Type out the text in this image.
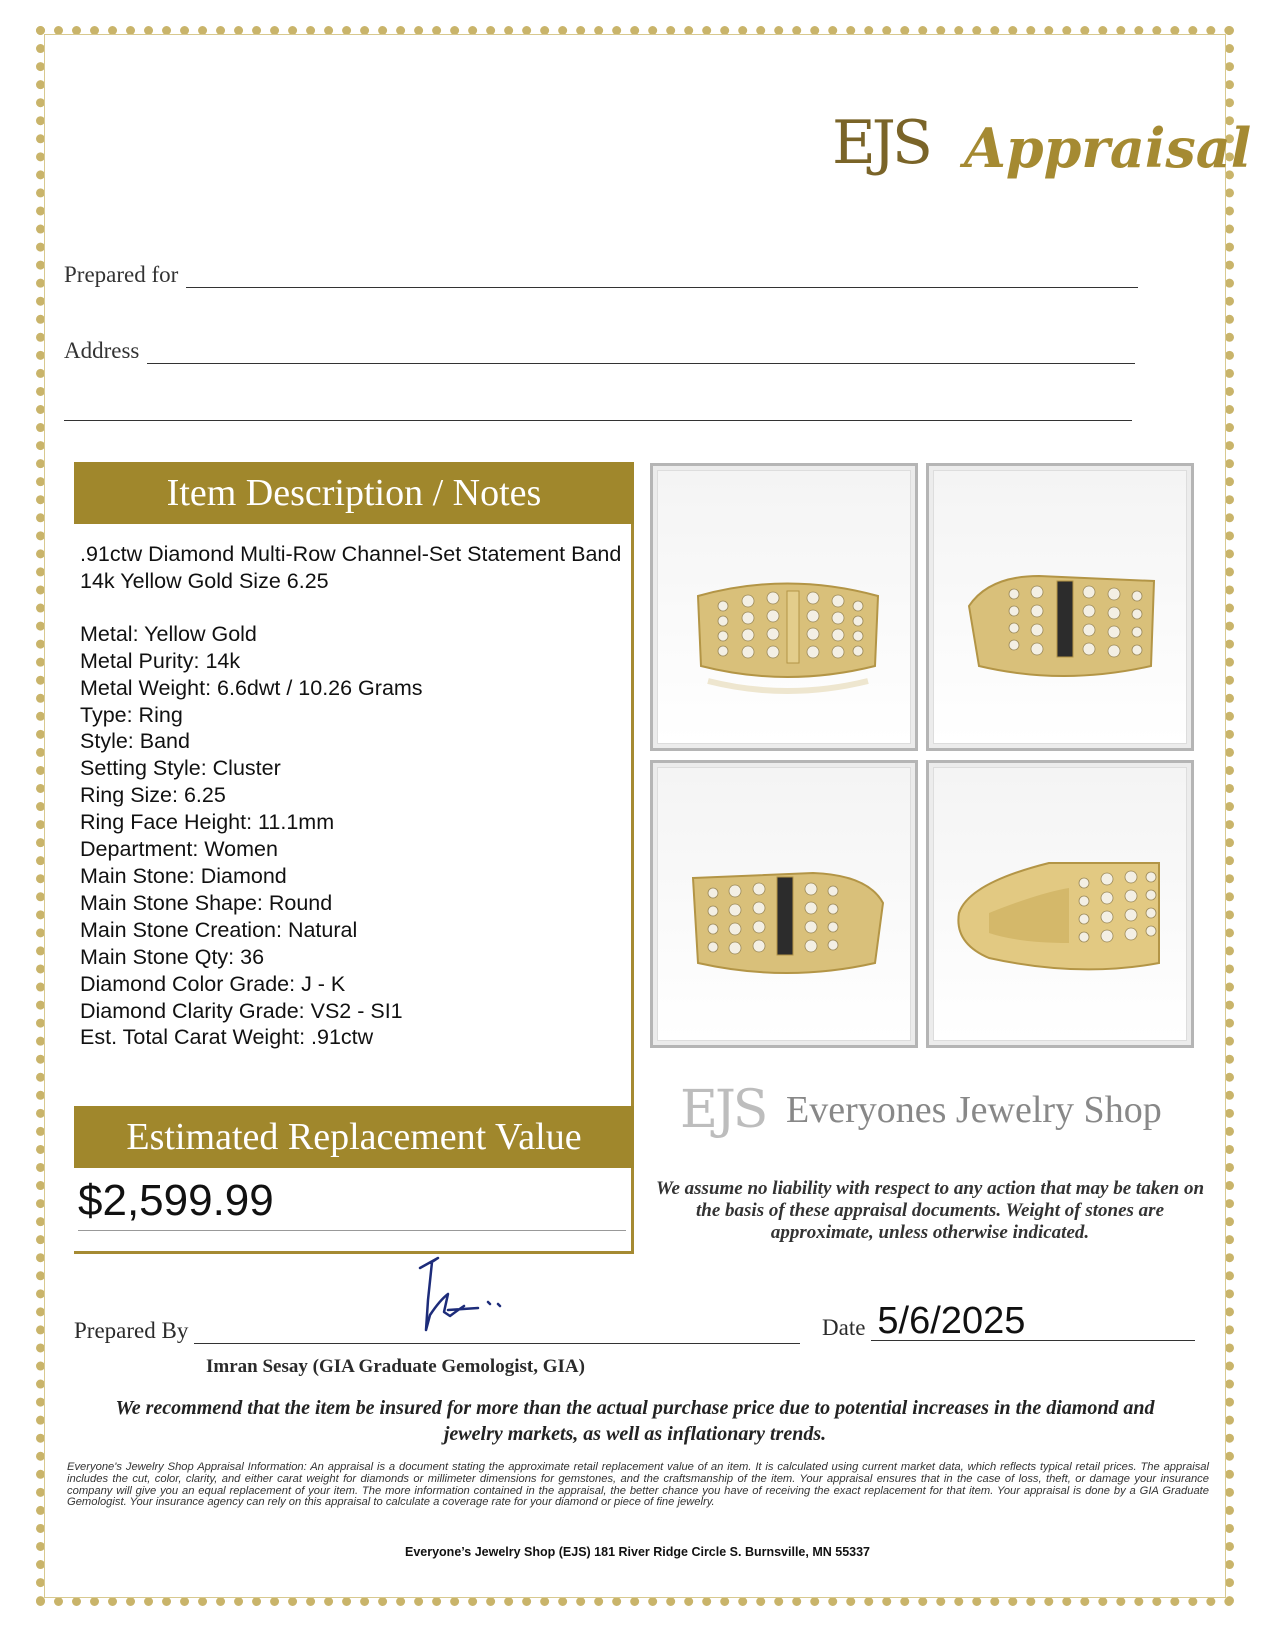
EJS Appraisal
Prepared for
Address
Item Description / Notes
.91ctw Diamond Multi-Row Channel-Set Statement Band 14k Yellow Gold Size 6.25
Metal: Yellow Gold
Metal Purity: 14k
Metal Weight: 6.6dwt / 10.26 Grams
Type: Ring
Style: Band
Setting Style: Cluster
Ring Size: 6.25
Ring Face Height: 11.1mm
Department: Women
Main Stone: Diamond
Main Stone Shape: Round
Main Stone Creation: Natural
Main Stone Qty: 36
Diamond Color Grade: J - K
Diamond Clarity Grade: VS2 - SI1
Est. Total Carat Weight: .91ctw
Estimated Replacement Value
$2,599.99
EJS Everyones Jewelry Shop
We assume no liability with respect to any action that may be taken on the basis of these appraisal documents. Weight of stones are approximate, unless otherwise indicated.
Prepared By	Date 5/6/2025
Imran Sesay (GIA Graduate Gemologist, GIA)
We recommend that the item be insured for more than the actual purchase price due to potential increases in the diamond and jewelry markets, as well as inflationary trends.
Everyone's Jewelry Shop Appraisal Information: An appraisal is a document stating the approximate retail replacement value of an item. It is calculated using current market data, which reflects typical retail prices. The appraisal includes the cut, color, clarity, and either carat weight for diamonds or millimeter dimensions for gemstones, and the craftsmanship of the item. Your appraisal ensures that in the case of loss, theft, or damage your insurance company will give you an equal replacement of your item. The more information contained in the appraisal, the better chance you have of receiving the exact replacement for that item. Your appraisal is done by a GIA Graduate Gemologist. Your insurance agency can rely on this appraisal to calculate a coverage rate for your diamond or piece of fine jewelry.
Everyone’s Jewelry Shop (EJS) 181 River Ridge Circle S. Burnsville, MN 55337
